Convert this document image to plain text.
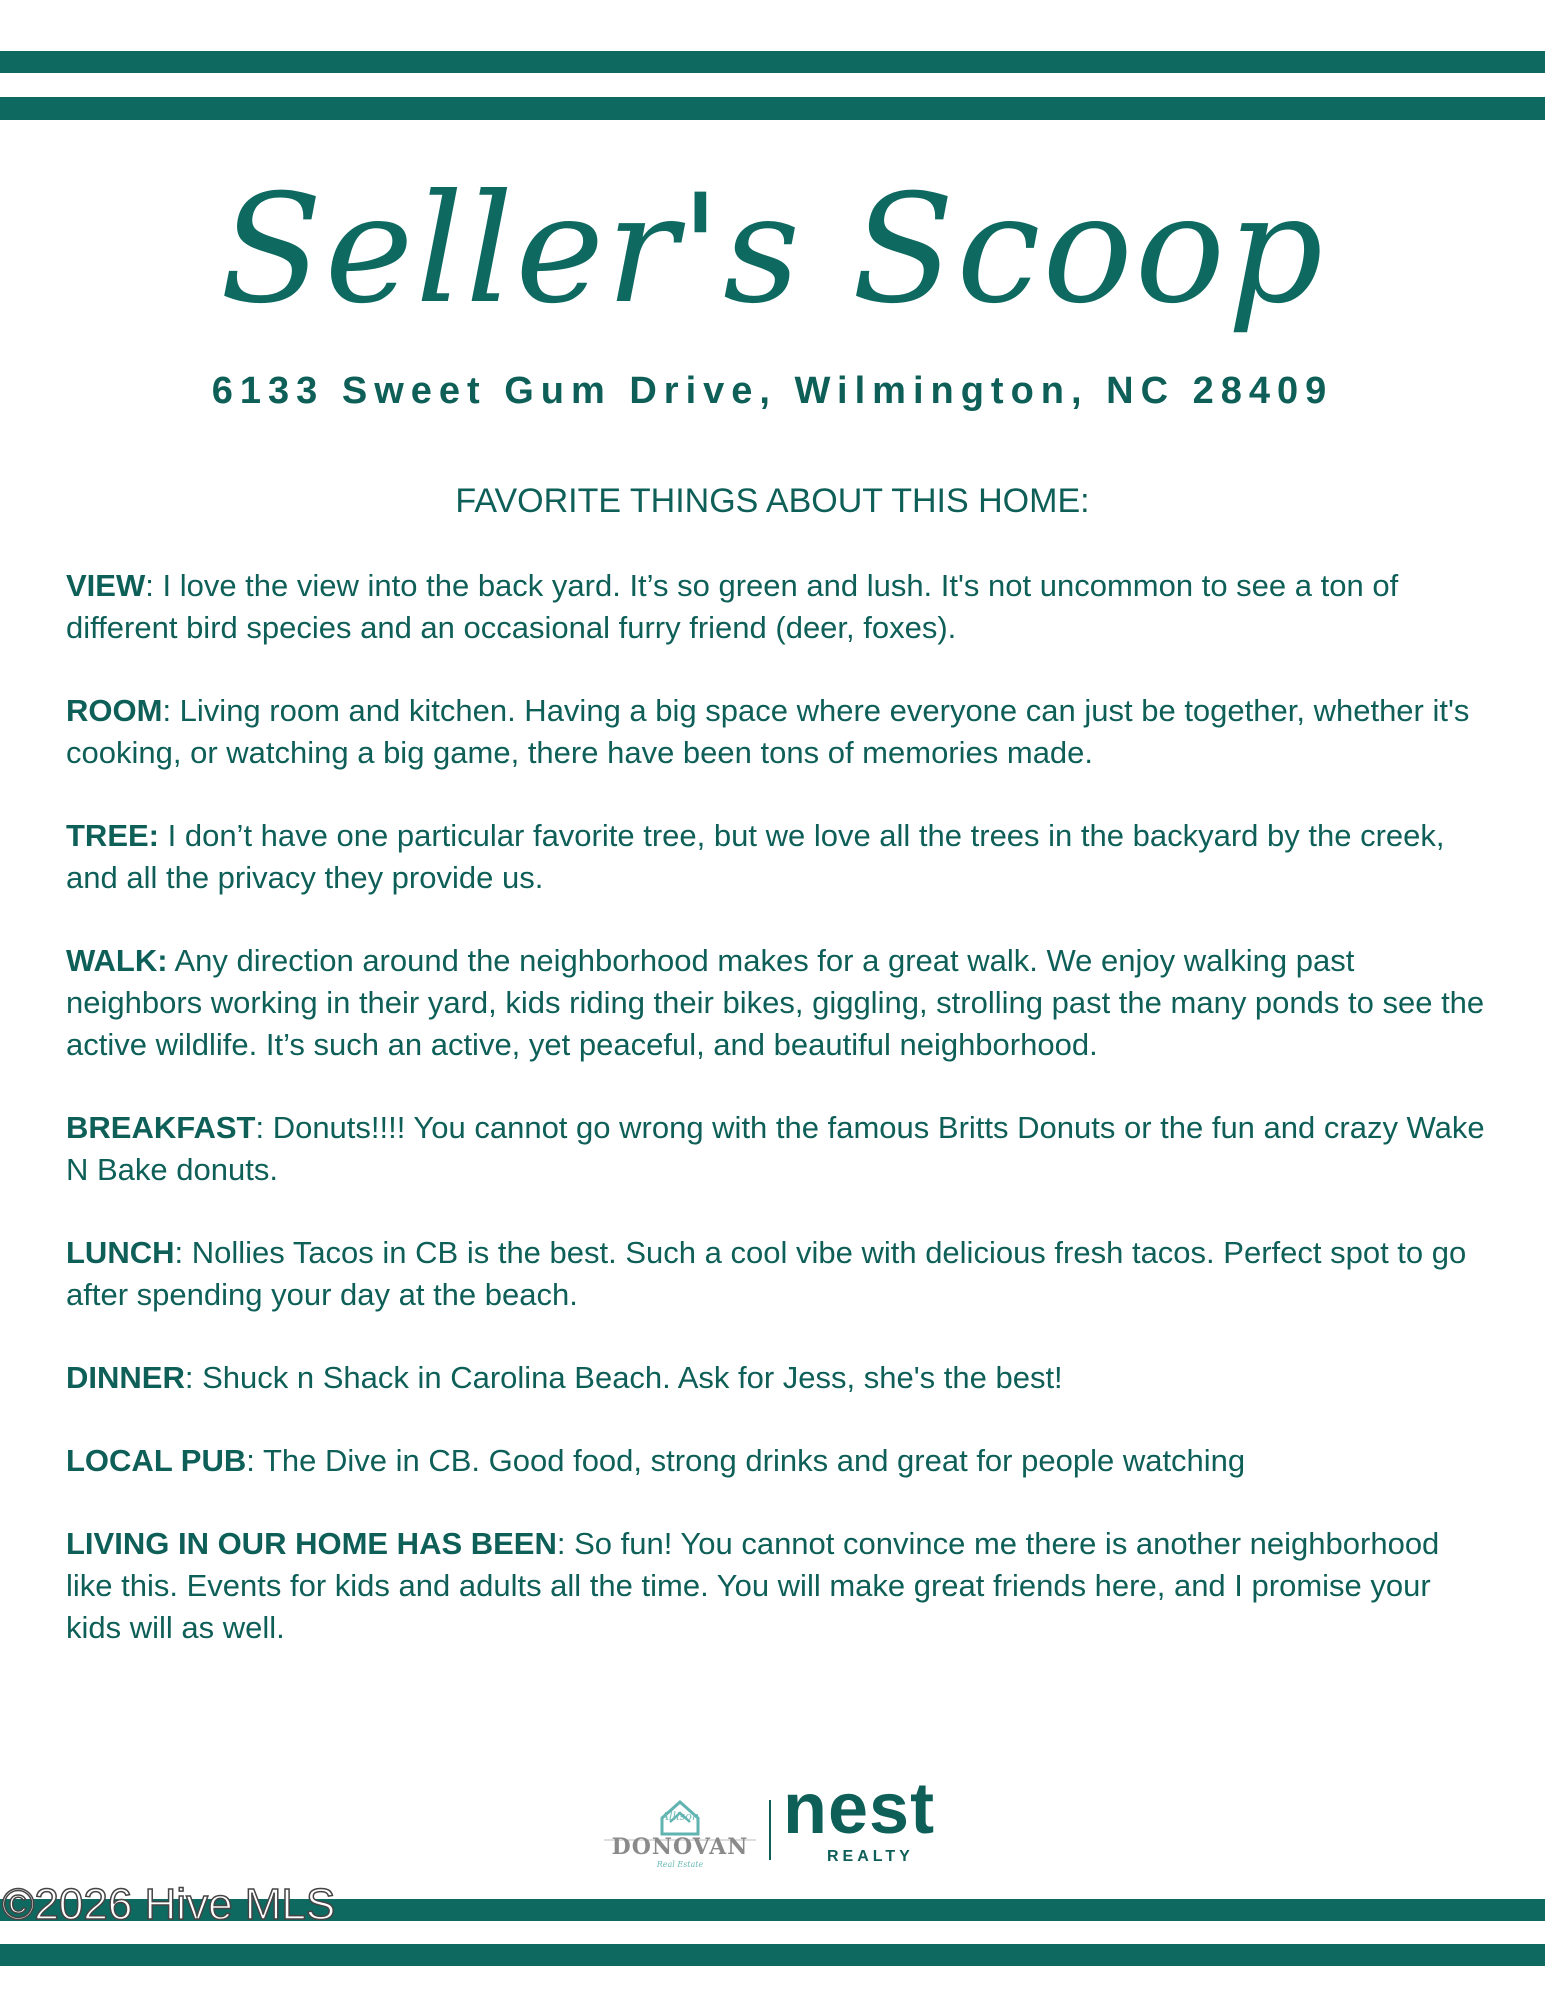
Seller's Scoop
6133 Sweet Gum Drive, Wilmington, NC 28409
FAVORITE THINGS ABOUT THIS HOME:

VIEW: I love the view into the back yard. It’s so green and lush. It's not uncommon to see a ton of different bird species and an occasional furry friend (deer, foxes).

ROOM: Living room and kitchen. Having a big space where everyone can just be together, whether it's cooking, or watching a big game, there have been tons of memories made.

TREE: I don’t have one particular favorite tree, but we love all the trees in the backyard by the creek, and all the privacy they provide us.

WALK: Any direction around the neighborhood makes for a great walk. We enjoy walking past neighbors working in their yard, kids riding their bikes, giggling, strolling past the many ponds to see the active wildlife. It’s such an active, yet peaceful, and beautiful neighborhood.

BREAKFAST: Donuts!!!! You cannot go wrong with the famous Britts Donuts or the fun and crazy Wake N Bake donuts.

LUNCH: Nollies Tacos in CB is the best. Such a cool vibe with delicious fresh tacos. Perfect spot to go after spending your day at the beach.

DINNER: Shuck n Shack in Carolina Beach. Ask for Jess, she's the best!

LOCAL PUB: The Dive in CB. Good food, strong drinks and great for people watching

LIVING IN OUR HOME HAS BEEN: So fun! You cannot convince me there is another neighborhood like this. Events for kids and adults all the time. You will make great friends here, and I promise your kids will as well.

Allison
DONOVAN
Real Estate
nest
REALTY
©2026 Hive MLS
